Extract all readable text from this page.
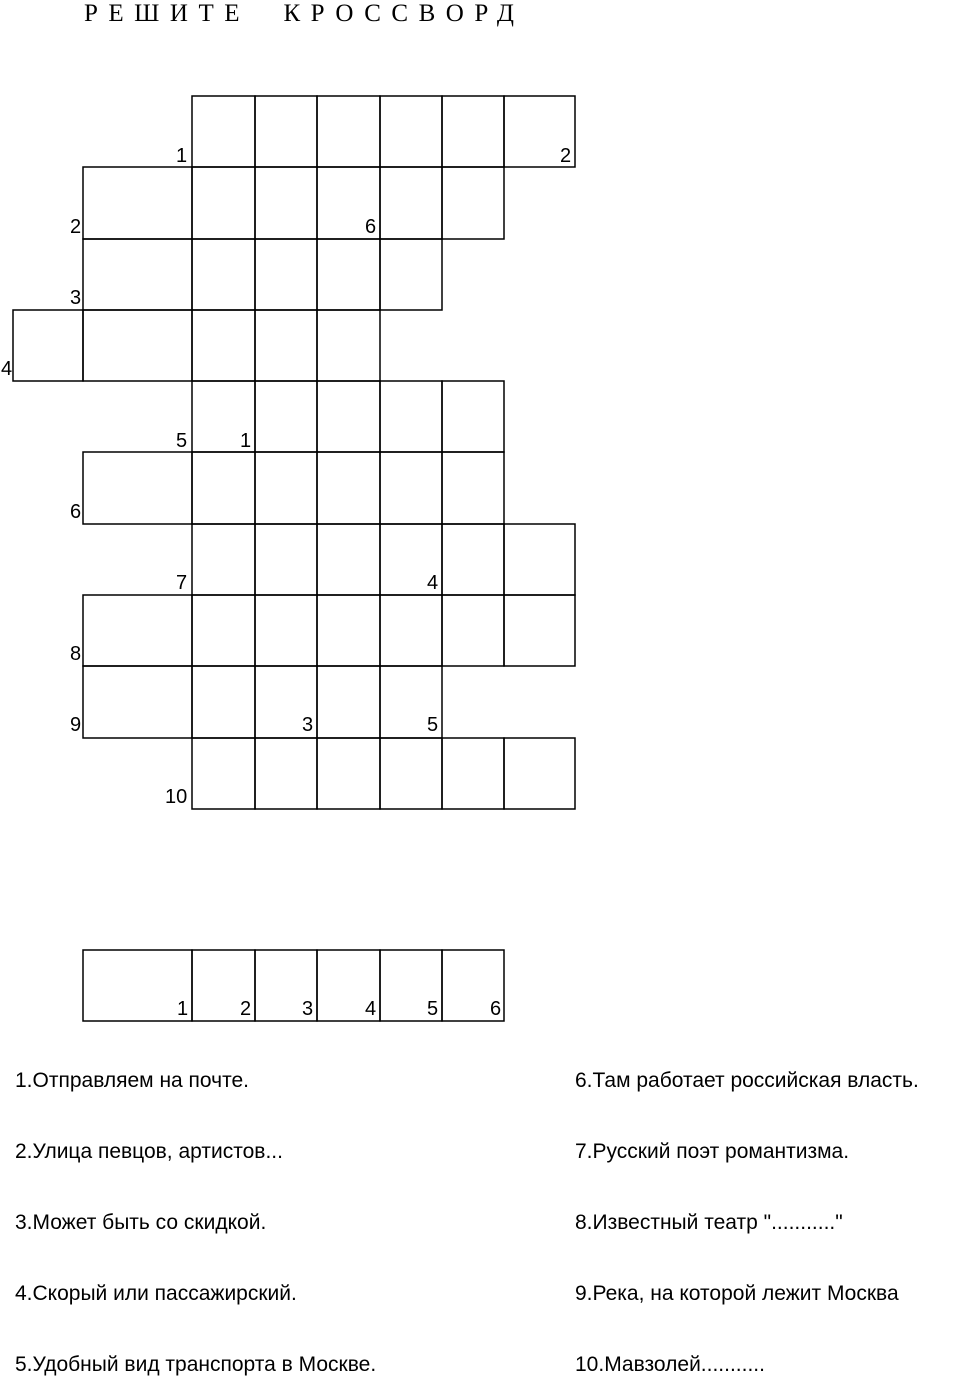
РЕШИТЕ  КРОССВОРД
1
2
3
4
5
6
7
8
9
10
2
6
1
4
3	5
1	2	3	4	5	6
1.Отправляем на почте.
2.Улица певцов, артистов...
3.Может быть со скидкой.
4.Скорый или пассажирский.
5.Удобный вид транспорта в Москве.
6.Там работает российская власть.
7.Русский поэт романтизма.
8.Известный театр "..........."
9.Река, на которой лежит Москва
10.Мавзолей...........
